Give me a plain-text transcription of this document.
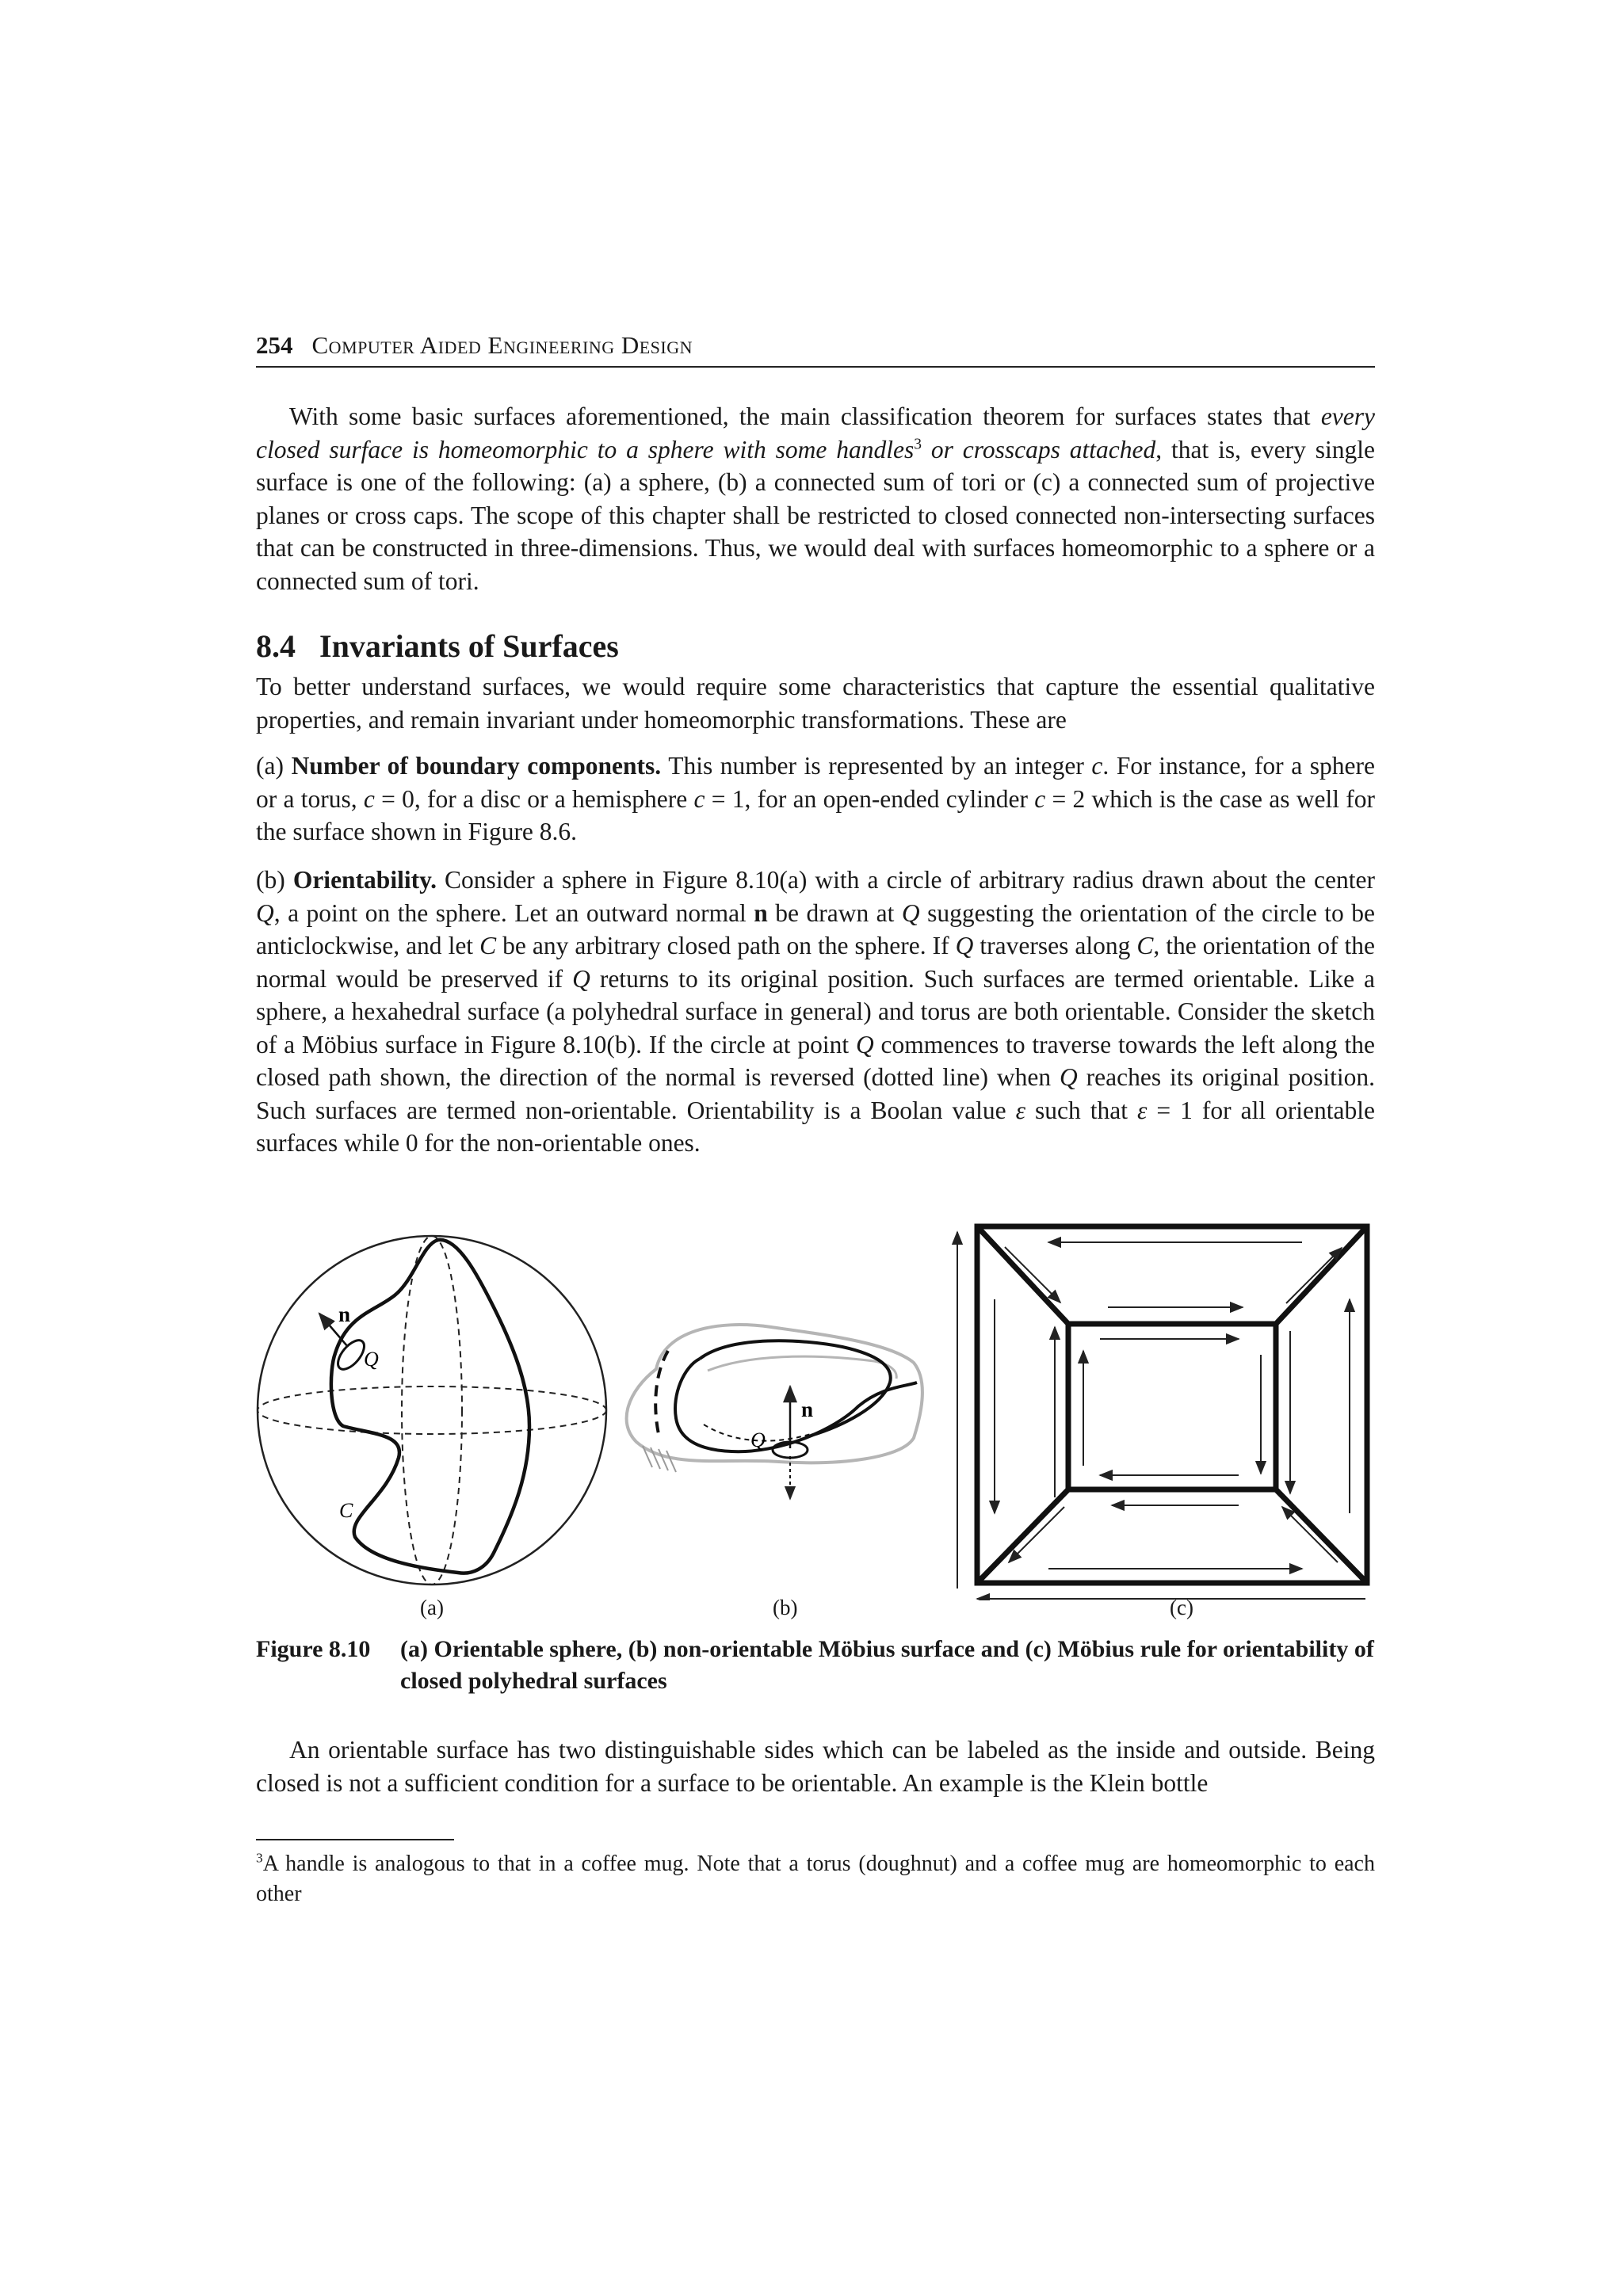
254 Computer Aided Engineering Design

With some basic surfaces aforementioned, the main classification theorem for surfaces states that every closed surface is homeomorphic to a sphere with some handles$^3$ or crosscaps attached, that is, every single surface is one of the following: (a) a sphere, (b) a connected sum of tori or (c) a connected sum of projective planes or cross caps. The scope of this chapter shall be restricted to closed connected non-intersecting surfaces that can be constructed in three-dimensions. Thus, we would deal with surfaces homeomorphic to a sphere or a connected sum of tori.

8.4 Invariants of Surfaces

To better understand surfaces, we would require some characteristics that capture the essential qualitative properties, and remain invariant under homeomorphic transformations. These are

(a) Number of boundary components. This number is represented by an integer c. For instance, for a sphere or a torus, c = 0, for a disc or a hemisphere c = 1, for an open-ended cylinder c = 2 which is the case as well for the surface shown in Figure 8.6.

(b) Orientability. Consider a sphere in Figure 8.10(a) with a circle of arbitrary radius drawn about the center Q, a point on the sphere. Let an outward normal n be drawn at Q suggesting the orientation of the circle to be anticlockwise, and let C be any arbitrary closed path on the sphere. If Q traverses along C, the orientation of the normal would be preserved if Q returns to its original position. Such surfaces are termed orientable. Like a sphere, a hexahedral surface (a polyhedral surface in general) and torus are both orientable. Consider the sketch of a Möbius surface in Figure 8.10(b). If the circle at point Q commences to traverse towards the left along the closed path shown, the direction of the normal is reversed (dotted line) when Q reaches its original position. Such surfaces are termed non-orientable. Orientability is a Boolan value ε such that ε = 1 for all orientable surfaces while 0 for the non-orientable ones.

n
Q
C
n
Q
(a)	(b)	(c)
Figure 8.10 (a) Orientable sphere, (b) non-orientable Möbius surface and (c) Möbius rule for orientability of closed polyhedral surfaces

An orientable surface has two distinguishable sides which can be labeled as the inside and outside. Being closed is not a sufficient condition for a surface to be orientable. An example is the Klein bottle

$^3$A handle is analogous to that in a coffee mug. Note that a torus (doughnut) and a coffee mug are homeomorphic to each other
